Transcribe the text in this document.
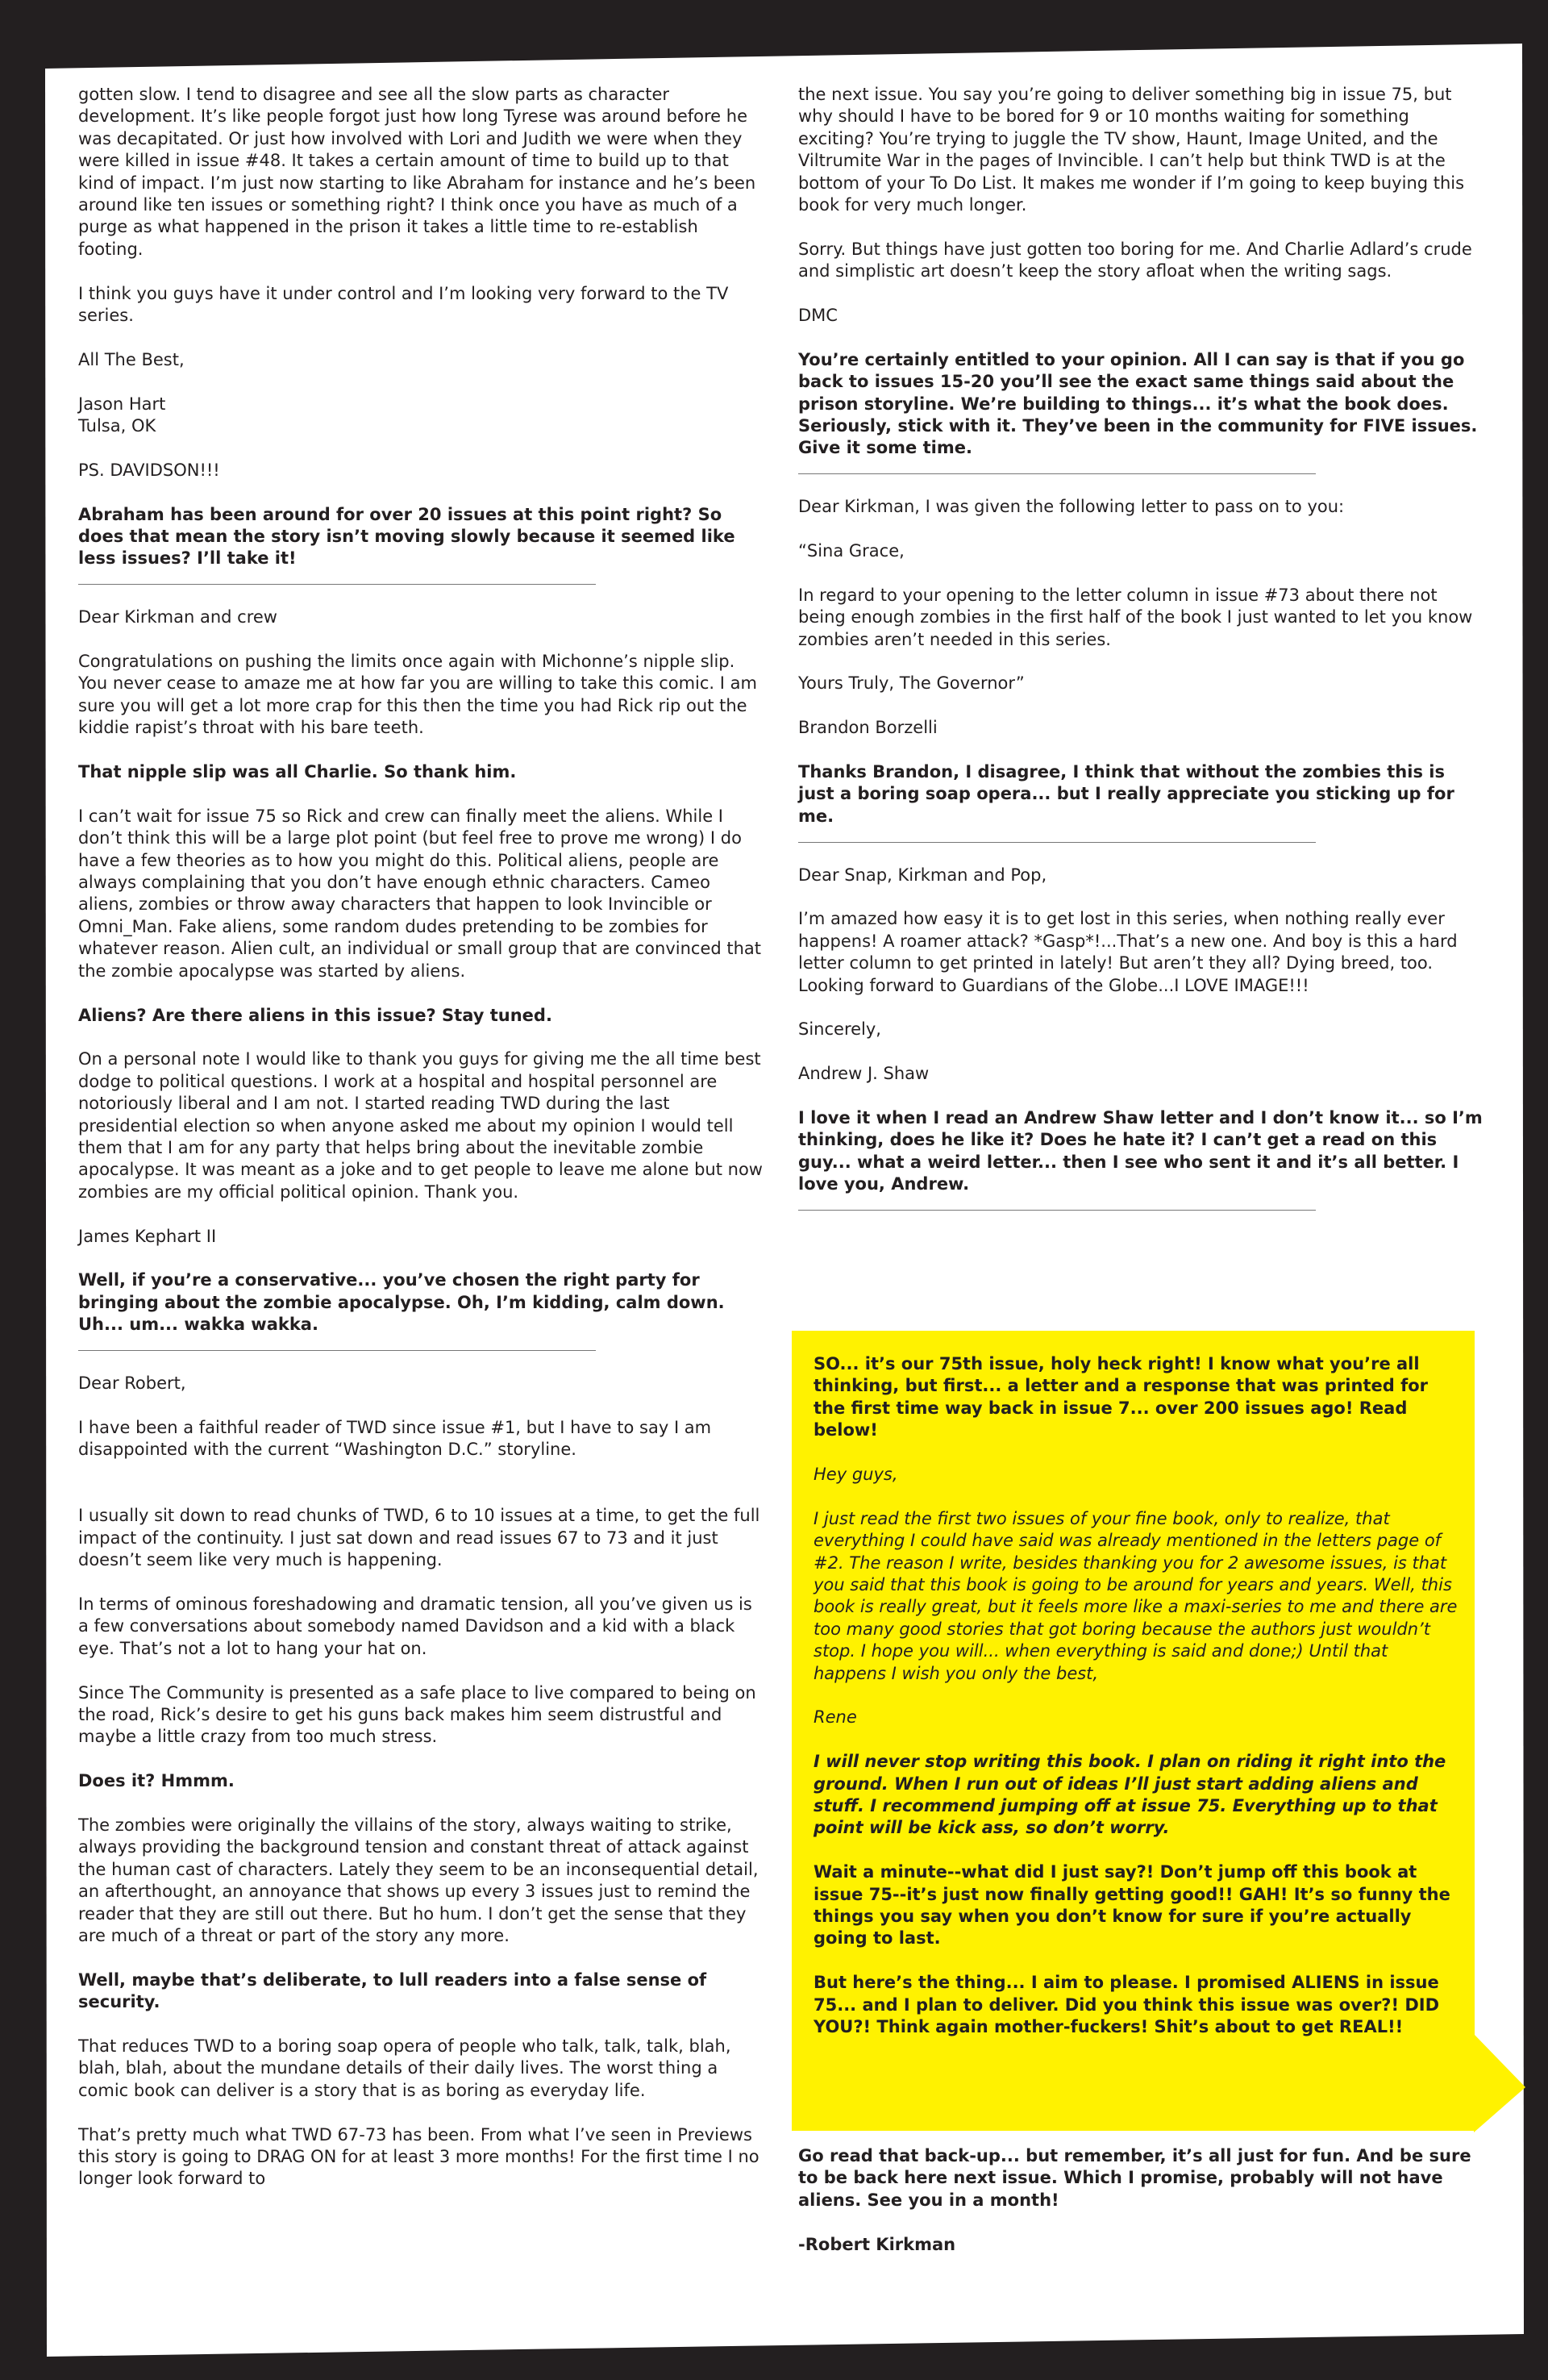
gotten slow. I tend to disagree and see all the slow parts as character development. It’s like people forgot just how long Tyrese was around before he was decapitated. Or just how involved with Lori and Judith we were when they were killed in issue #48. It takes a certain amount of time to build up to that kind of impact. I’m just now starting to like Abraham for instance and he’s been around like ten issues or something right? I think once you have as much of a purge as what happened in the prison it takes a little time to re-establish footing.
I think you guys have it under control and I’m looking very forward to the TV series.
All The Best,
Jason Hart
Tulsa, OK
PS. DAVIDSON!!!
Abraham has been around for over 20 issues at this point right? So does that mean the story isn’t moving slowly because it seemed like less issues? I’ll take it!
Dear Kirkman and crew
Congratulations on pushing the limits once again with Michonne’s nipple slip. You never cease to amaze me at how far you are willing to take this comic. I am sure you will get a lot more crap for this then the time you had Rick rip out the kiddie rapist’s throat with his bare teeth.
That nipple slip was all Charlie. So thank him.
I can’t wait for issue 75 so Rick and crew can finally meet the aliens. While I don’t think this will be a large plot point (but feel free to prove me wrong) I do have a few theories as to how you might do this. Political aliens, people are always complaining that you don’t have enough ethnic characters. Cameo aliens, zombies or throw away characters that happen to look Invincible or Omni_Man. Fake aliens, some random dudes pretending to be zombies for whatever reason. Alien cult, an individual or small group that are convinced that the zombie apocalypse was started by aliens.
Aliens? Are there aliens in this issue? Stay tuned.
On a personal note I would like to thank you guys for giving me the all time best dodge to political questions. I work at a hospital and hospital personnel are notoriously liberal and I am not. I started reading TWD during the last presidential election so when anyone asked me about my opinion I would tell them that I am for any party that helps bring about the inevitable zombie apocalypse. It was meant as a joke and to get people to leave me alone but now zombies are my official political opinion. Thank you.
James Kephart II
Well, if you’re a conservative... you’ve chosen the right party for bringing about the zombie apocalypse. Oh, I’m kidding, calm down. Uh... um... wakka wakka.
Dear Robert,
I have been a faithful reader of TWD since issue #1, but I have to say I am disappointed with the current “Washington D.C.” storyline.
I usually sit down to read chunks of TWD, 6 to 10 issues at a time, to get the full impact of the continuity. I just sat down and read issues 67 to 73 and it just doesn’t seem like very much is happening.
In terms of ominous foreshadowing and dramatic tension, all you’ve given us is a few conversations about somebody named Davidson and a kid with a black eye. That’s not a lot to hang your hat on.
Since The Community is presented as a safe place to live compared to being on the road, Rick’s desire to get his guns back makes him seem distrustful and maybe a little crazy from too much stress.
Does it? Hmmm.
The zombies were originally the villains of the story, always waiting to strike, always providing the background tension and constant threat of attack against the human cast of characters. Lately they seem to be an inconsequential detail, an afterthought, an annoyance that shows up every 3 issues just to remind the reader that they are still out there. But ho hum. I don’t get the sense that they are much of a threat or part of the story any more.
Well, maybe that’s deliberate, to lull readers into a false sense of security.
That reduces TWD to a boring soap opera of people who talk, talk, talk, blah, blah, blah, about the mundane details of their daily lives. The worst thing a comic book can deliver is a story that is as boring as everyday life.
That’s pretty much what TWD 67-73 has been. From what I’ve seen in Previews this story is going to DRAG ON for at least 3 more months! For the first time I no longer look forward to
the next issue. You say you’re going to deliver something big in issue 75, but why should I have to be bored for 9 or 10 months waiting for something exciting? You’re trying to juggle the TV show, Haunt, Image United, and the Viltrumite War in the pages of Invincible. I can’t help but think TWD is at the bottom of your To Do List. It makes me wonder if I’m going to keep buying this book for very much longer.
Sorry. But things have just gotten too boring for me. And Charlie Adlard’s crude and simplistic art doesn’t keep the story afloat when the writing sags.
DMC
You’re certainly entitled to your opinion. All I can say is that if you go back to issues 15-20 you’ll see the exact same things said about the prison storyline. We’re building to things... it’s what the book does. Seriously, stick with it. They’ve been in the community for FIVE issues. Give it some time.
Dear Kirkman, I was given the following letter to pass on to you:
“Sina Grace,
In regard to your opening to the letter column in issue #73 about there not being enough zombies in the first half of the book I just wanted to let you know zombies aren’t needed in this series.
Yours Truly, The Governor”
Brandon Borzelli
Thanks Brandon, I disagree, I think that without the zombies this is just a boring soap opera... but I really appreciate you sticking up for me.
Dear Snap, Kirkman and Pop,
I’m amazed how easy it is to get lost in this series, when nothing really ever happens! A roamer attack? *Gasp*!...That’s a new one. And boy is this a hard letter column to get printed in lately! But aren’t they all? Dying breed, too. Looking forward to Guardians of the Globe...I LOVE IMAGE!!!
Sincerely,
Andrew J. Shaw
I love it when I read an Andrew Shaw letter and I don’t know it... so I’m thinking, does he like it? Does he hate it? I can’t get a read on this guy... what a weird letter... then I see who sent it and it’s all better. I love you, Andrew.
SO... it’s our 75th issue, holy heck right! I know what you’re all thinking, but first... a letter and a response that was printed for the first time way back in issue 7... over 200 issues ago! Read below!
Hey guys,
I just read the first two issues of your fine book, only to realize, that everything I could have said was already mentioned in the letters page of #2. The reason I write, besides thanking you for 2 awesome issues, is that you said that this book is going to be around for years and years. Well, this book is really great, but it feels more like a maxi-series to me and there are too many good stories that got boring because the authors just wouldn’t stop. I hope you will... when everything is said and done;) Until that happens I wish you only the best,
Rene
I will never stop writing this book. I plan on riding it right into the ground. When I run out of ideas I’ll just start adding aliens and stuff. I recommend jumping off at issue 75. Everything up to that point will be kick ass, so don’t worry.
Wait a minute--what did I just say?! Don’t jump off this book at issue 75--it’s just now finally getting good!! GAH! It’s so funny the things you say when you don’t know for sure if you’re actually going to last.
But here’s the thing... I aim to please. I promised ALIENS in issue 75... and I plan to deliver. Did you think this issue was over?! DID YOU?! Think again mother-fuckers! Shit’s about to get REAL!!
Go read that back-up... but remember, it’s all just for fun. And be sure to be back here next issue. Which I promise, probably will not have aliens. See you in a month!
-Robert Kirkman
